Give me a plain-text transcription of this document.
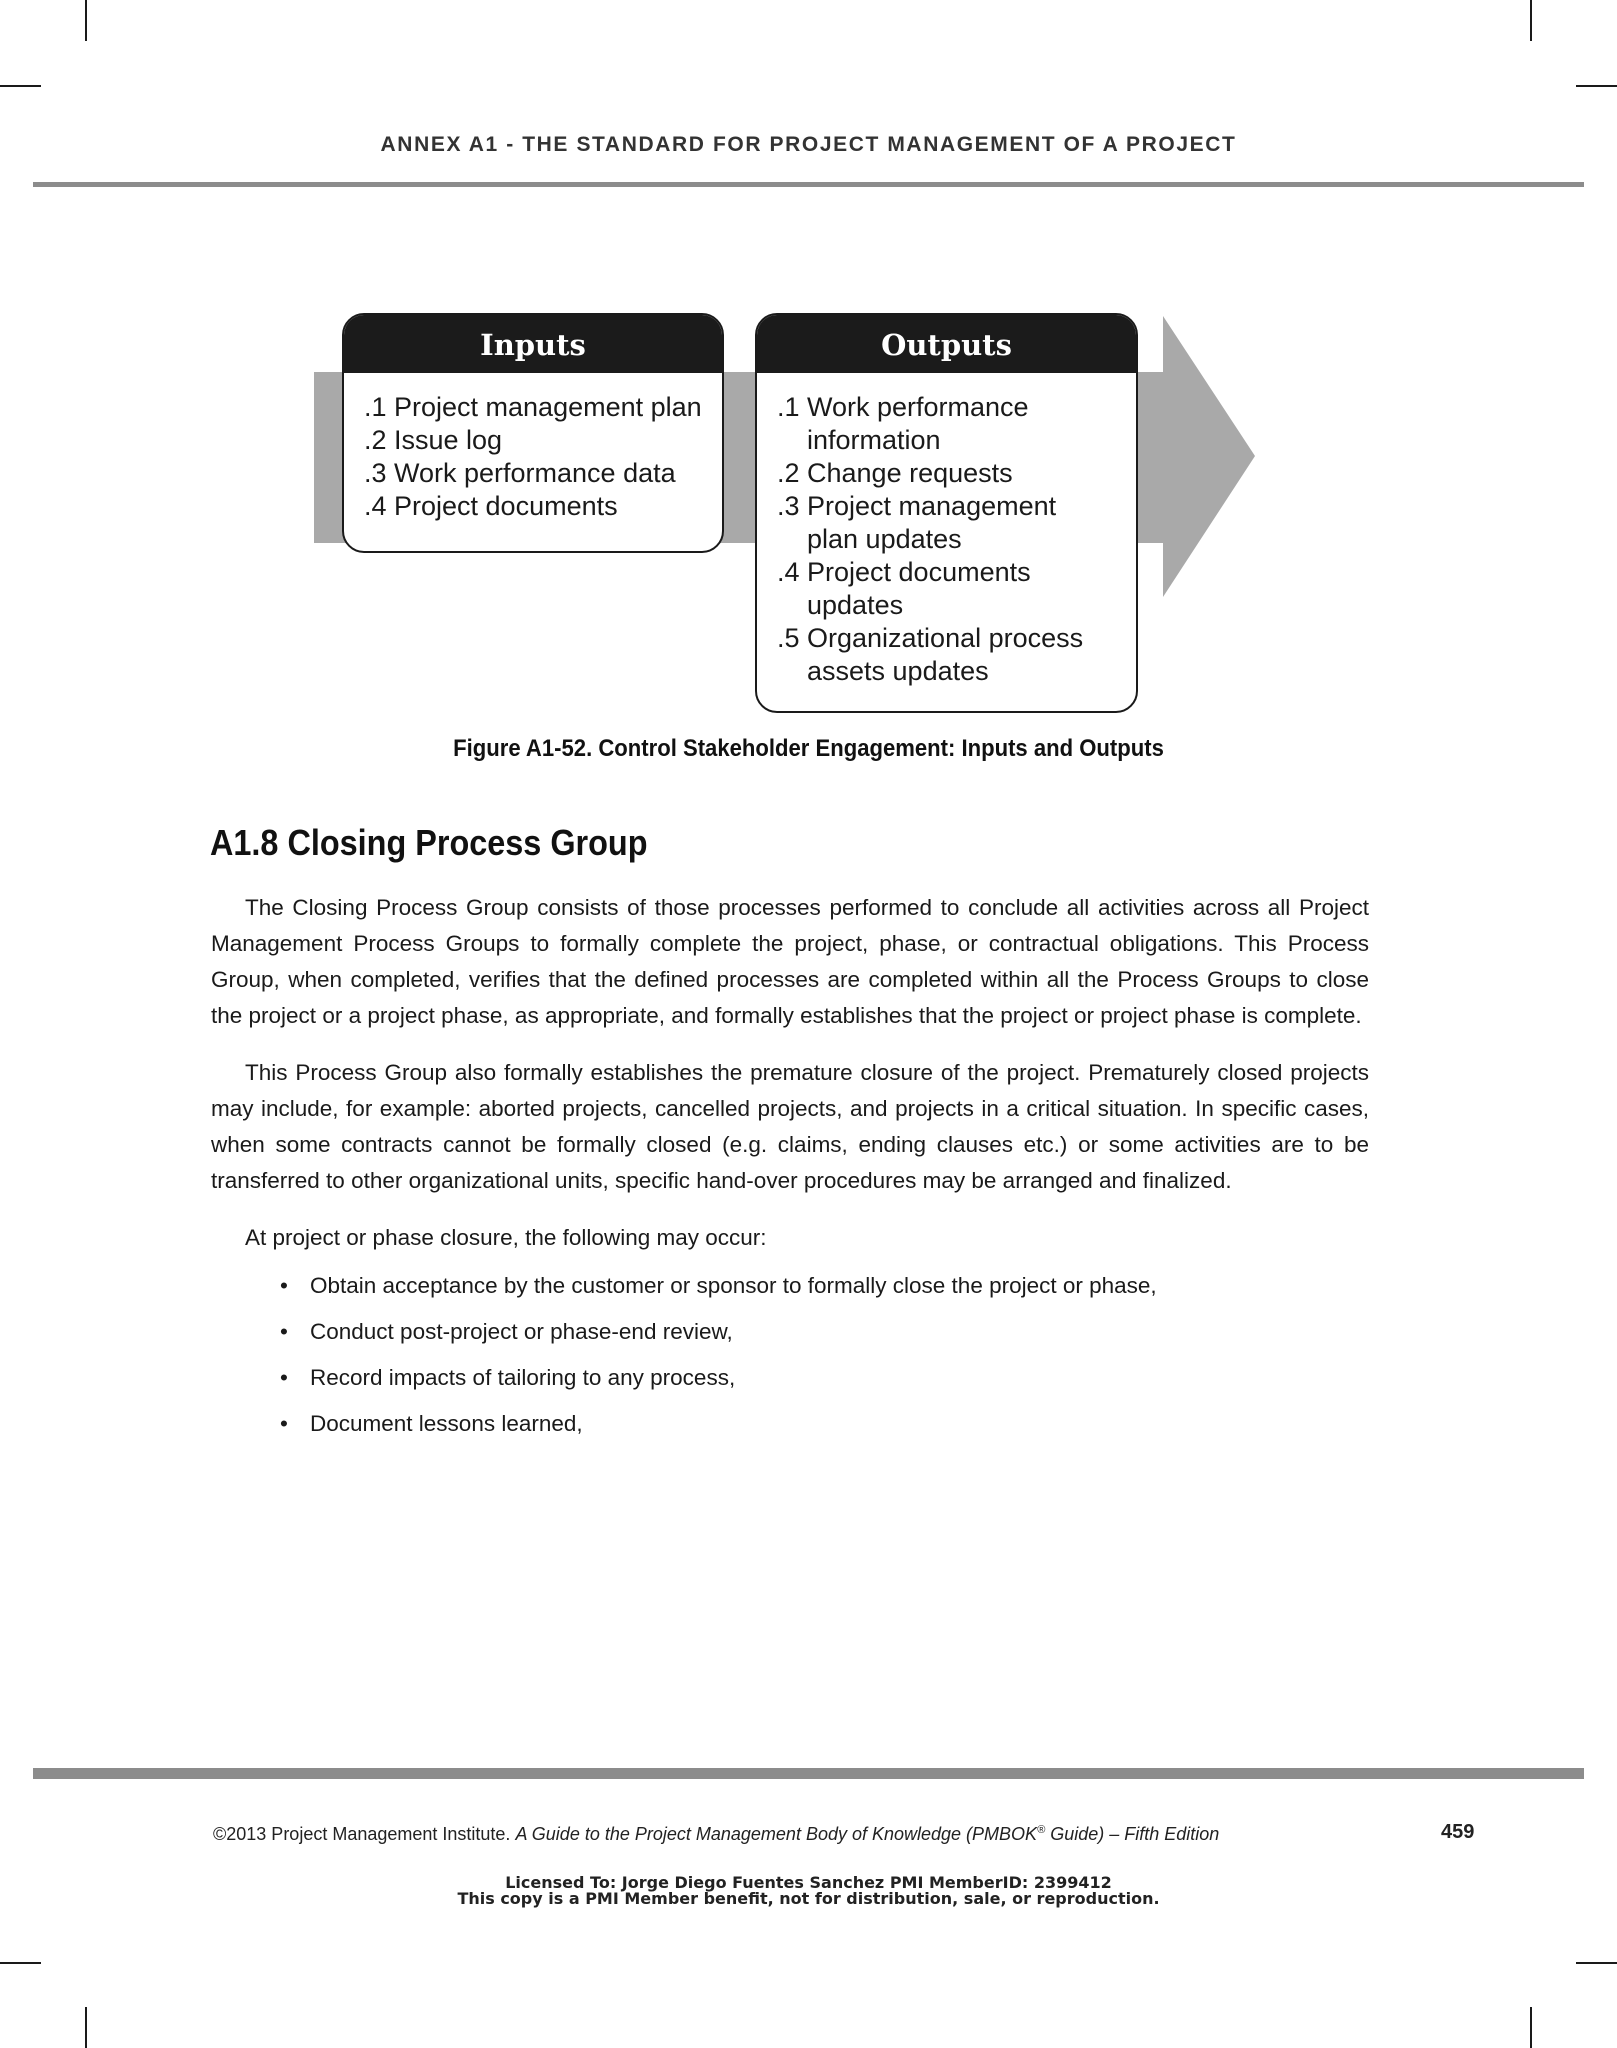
ANNEX A1 - THE STANDARD FOR PROJECT MANAGEMENT OF A PROJECT
Inputs
.1 Project management plan
.2 Issue log
.3 Work performance data
.4 Project documents
Outputs
.1 Work performance information
.2 Change requests
.3 Project management plan updates
.4 Project documents updates
.5 Organizational process assets updates
Figure A1-52. Control Stakeholder Engagement: Inputs and Outputs
A1.8 Closing Process Group

The Closing Process Group consists of those processes performed to conclude all activities across all Project Management Process Groups to formally complete the project, phase, or contractual obligations. This Process Group, when completed, verifies that the defined processes are completed within all the Process Groups to close the project or a project phase, as appropriate, and formally establishes that the project or project phase is complete.

This Process Group also formally establishes the premature closure of the project. Prematurely closed projects may include, for example: aborted projects, cancelled projects, and projects in a critical situation. In specific cases, when some contracts cannot be formally closed (e.g. claims, ending clauses etc.) or some activities are to be transferred to other organizational units, specific hand-over procedures may be arranged and finalized.

At project or phase closure, the following may occur:

• Obtain acceptance by the customer or sponsor to formally close the project or phase,
• Conduct post-project or phase-end review,
• Record impacts of tailoring to any process,
• Document lessons learned,
©2013 Project Management Institute. A Guide to the Project Management Body of Knowledge (PMBOK® Guide) – Fifth Edition	459
Licensed To: Jorge Diego Fuentes Sanchez PMI MemberID: 2399412
This copy is a PMI Member benefit, not for distribution, sale, or reproduction.
